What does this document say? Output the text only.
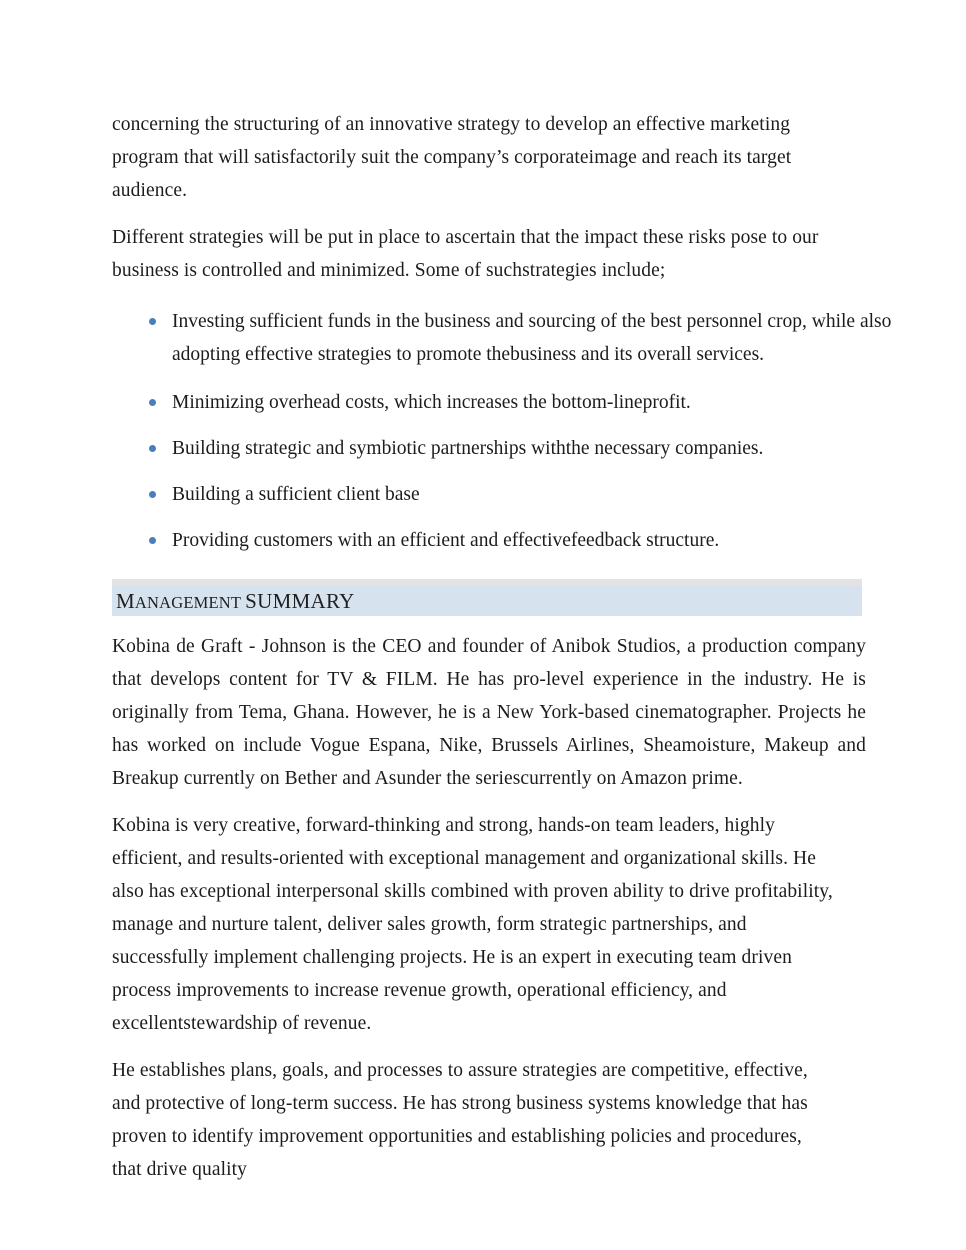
concerning the structuring of an innovative strategy to develop an effective marketing program that will satisfactorily suit the company’s corporateimage and reach its target audience.

Different strategies will be put in place to ascertain that the impact these risks pose to our business is controlled and minimized. Some of suchstrategies include;

Investing sufficient funds in the business and sourcing of the best personnel crop, while also adopting effective strategies to promote thebusiness and its overall services.
Minimizing overhead costs, which increases the bottom-lineprofit.
Building strategic and symbiotic partnerships withthe necessary companies.
Building a sufficient client base
Providing customers with an efficient and effectivefeedback structure.
MANAGEMENT SUMMARY

Kobina de Graft - Johnson is the CEO and founder of Anibok Studios, a production company that develops content for TV & FILM. He has pro-level experience in the industry. He is originally from Tema, Ghana. However, he is a New York-based cinematographer. Projects he has worked on include Vogue Espana, Nike, Brussels Airlines, Sheamoisture, Makeup and Breakup currently on Bether and Asunder the seriescurrently on Amazon prime.

Kobina is very creative, forward-thinking and strong, hands-on team leaders, highly efficient, and results-oriented with exceptional management and organizational skills. He also has exceptional interpersonal skills combined with proven ability to drive profitability, manage and nurture talent, deliver sales growth, form strategic partnerships, and successfully implement challenging projects. He is an expert in executing team driven process improvements to increase revenue growth, operational efficiency, and excellentstewardship of revenue.

He establishes plans, goals, and processes to assure strategies are competitive, effective, and protective of long-term success. He has strong business systems knowledge that has proven to identify improvement opportunities and establishing policies and procedures, that drive quality
